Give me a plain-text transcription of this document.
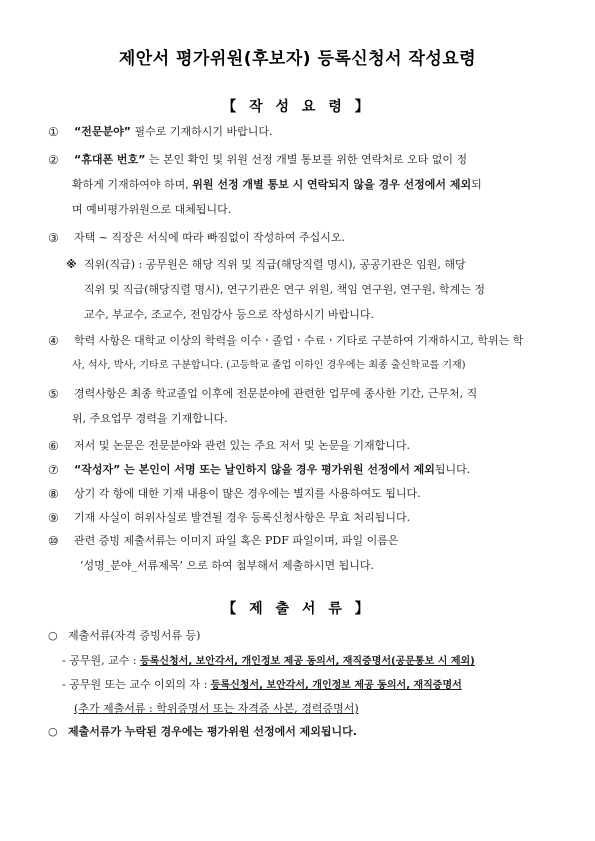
제안서 평가위원(후보자) 등록신청서 작성요령
【 작 성 요 령 】
① “전문분야” 필수로 기재하시기 바랍니다.
② “휴대폰 번호” 는 본인 확인 및 위원 선정 개별 통보를 위한 연락처로 오타 없이 정
확하게 기재하여야 하며, 위원 선정 개별 통보 시 연락되지 않을 경우 선정에서 제외되
며 예비평가위원으로 대체됩니다.
③ 자택 ~ 직장은 서식에 따라 빠짐없이 작성하여 주십시오.
※ 직위(직급) : 공무원은 해당 직위 및 직급(해당직렬 명시), 공공기관은 임원, 해당
직위 및 직급(해당직렬 명시), 연구기관은 연구 위원, 책임 연구원, 연구원, 학계는 정
교수, 부교수, 조교수, 전임강사 등으로 작성하시기 바랍니다.
④ 학력 사항은 대학교 이상의 학력을 이수ㆍ졸업ㆍ수료ㆍ기타로 구분하여 기재하시고, 학위는 학
사, 석사, 박사, 기타로 구분합니다. (고등학교 졸업 이하인 경우에는 최종 출신학교를 기재)
⑤ 경력사항은 최종 학교졸업 이후에 전문분야에 관련한 업무에 종사한 기간, 근무처, 직
위, 주요업무 경력을 기재합니다.
⑥ 저서 및 논문은 전문분야와 관련 있는 주요 저서 및 논문을 기재합니다.
⑦ “작성자” 는 본인이 서명 또는 날인하지 않을 경우 평가위원 선정에서 제외됩니다.
⑧ 상기 각 항에 대한 기재 내용이 많은 경우에는 별지를 사용하여도 됩니다.
⑨ 기재 사실이 허위사실로 발견될 경우 등록신청사항은 무효 처리됩니다.
⑩ 관련 증빙 제출서류는 이미지 파일 혹은 PDF 파일이며, 파일 이름은
‘성명_분야_서류제목’ 으로 하여 첨부해서 제출하시면 됩니다.
【 제 출 서 류 】
○ 제출서류(자격 증빙서류 등)
- 공무원, 교수 : 등록신청서, 보안각서, 개인정보 제공 동의서, 재직증명서(공문통보 시 제외)
- 공무원 또는 교수 이외의 자 : 등록신청서, 보안각서, 개인정보 제공 동의서, 재직증명서
(추가 제출서류 : 학위증명서 또는 자격증 사본, 경력증명서)
○ 제출서류가 누락된 경우에는 평가위원 선정에서 제외됩니다.
